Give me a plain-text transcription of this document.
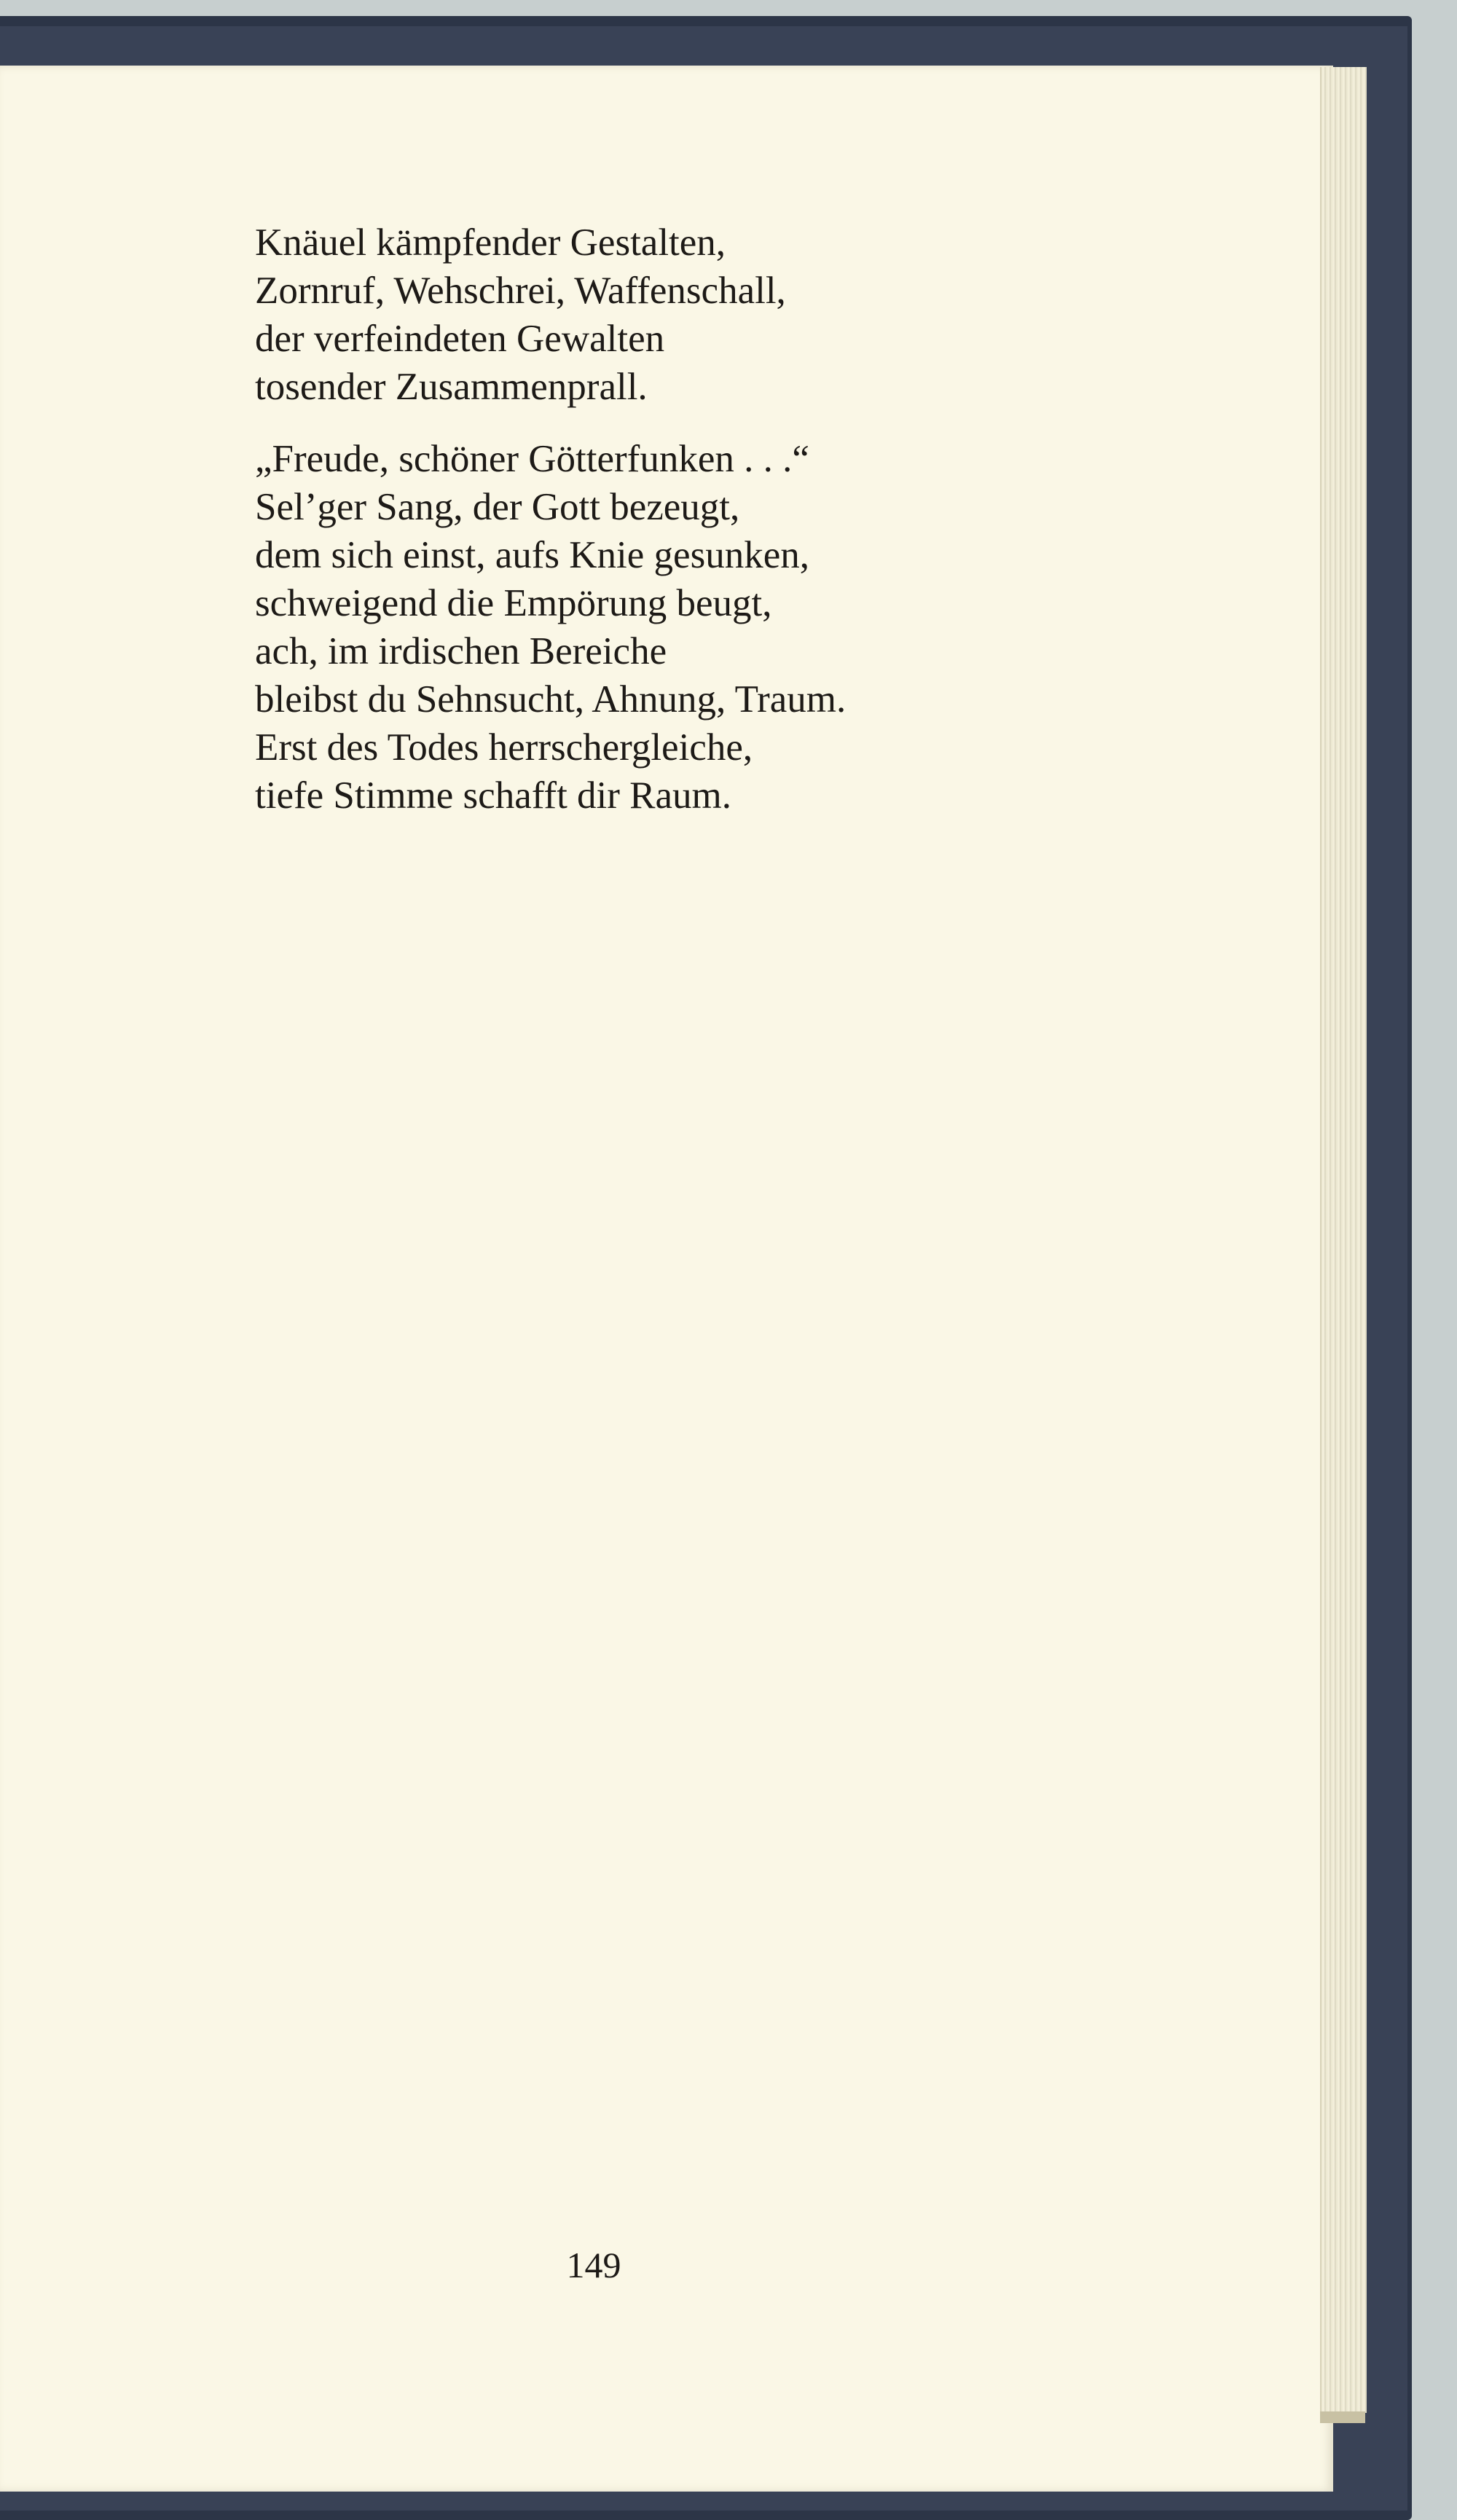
Knäuel kämpfender Gestalten,
Zornruf, Wehschrei, Waffenschall,
der verfeindeten Gewalten
tosender Zusammenprall.
„Freude, schöner Götterfunken . . .“
Sel’ger Sang, der Gott bezeugt,
dem sich einst, aufs Knie gesunken,
schweigend die Empörung beugt,
ach, im irdischen Bereiche
bleibst du Sehnsucht, Ahnung, Traum.
Erst des Todes herrschergleiche,
tiefe Stimme schafft dir Raum.
149
